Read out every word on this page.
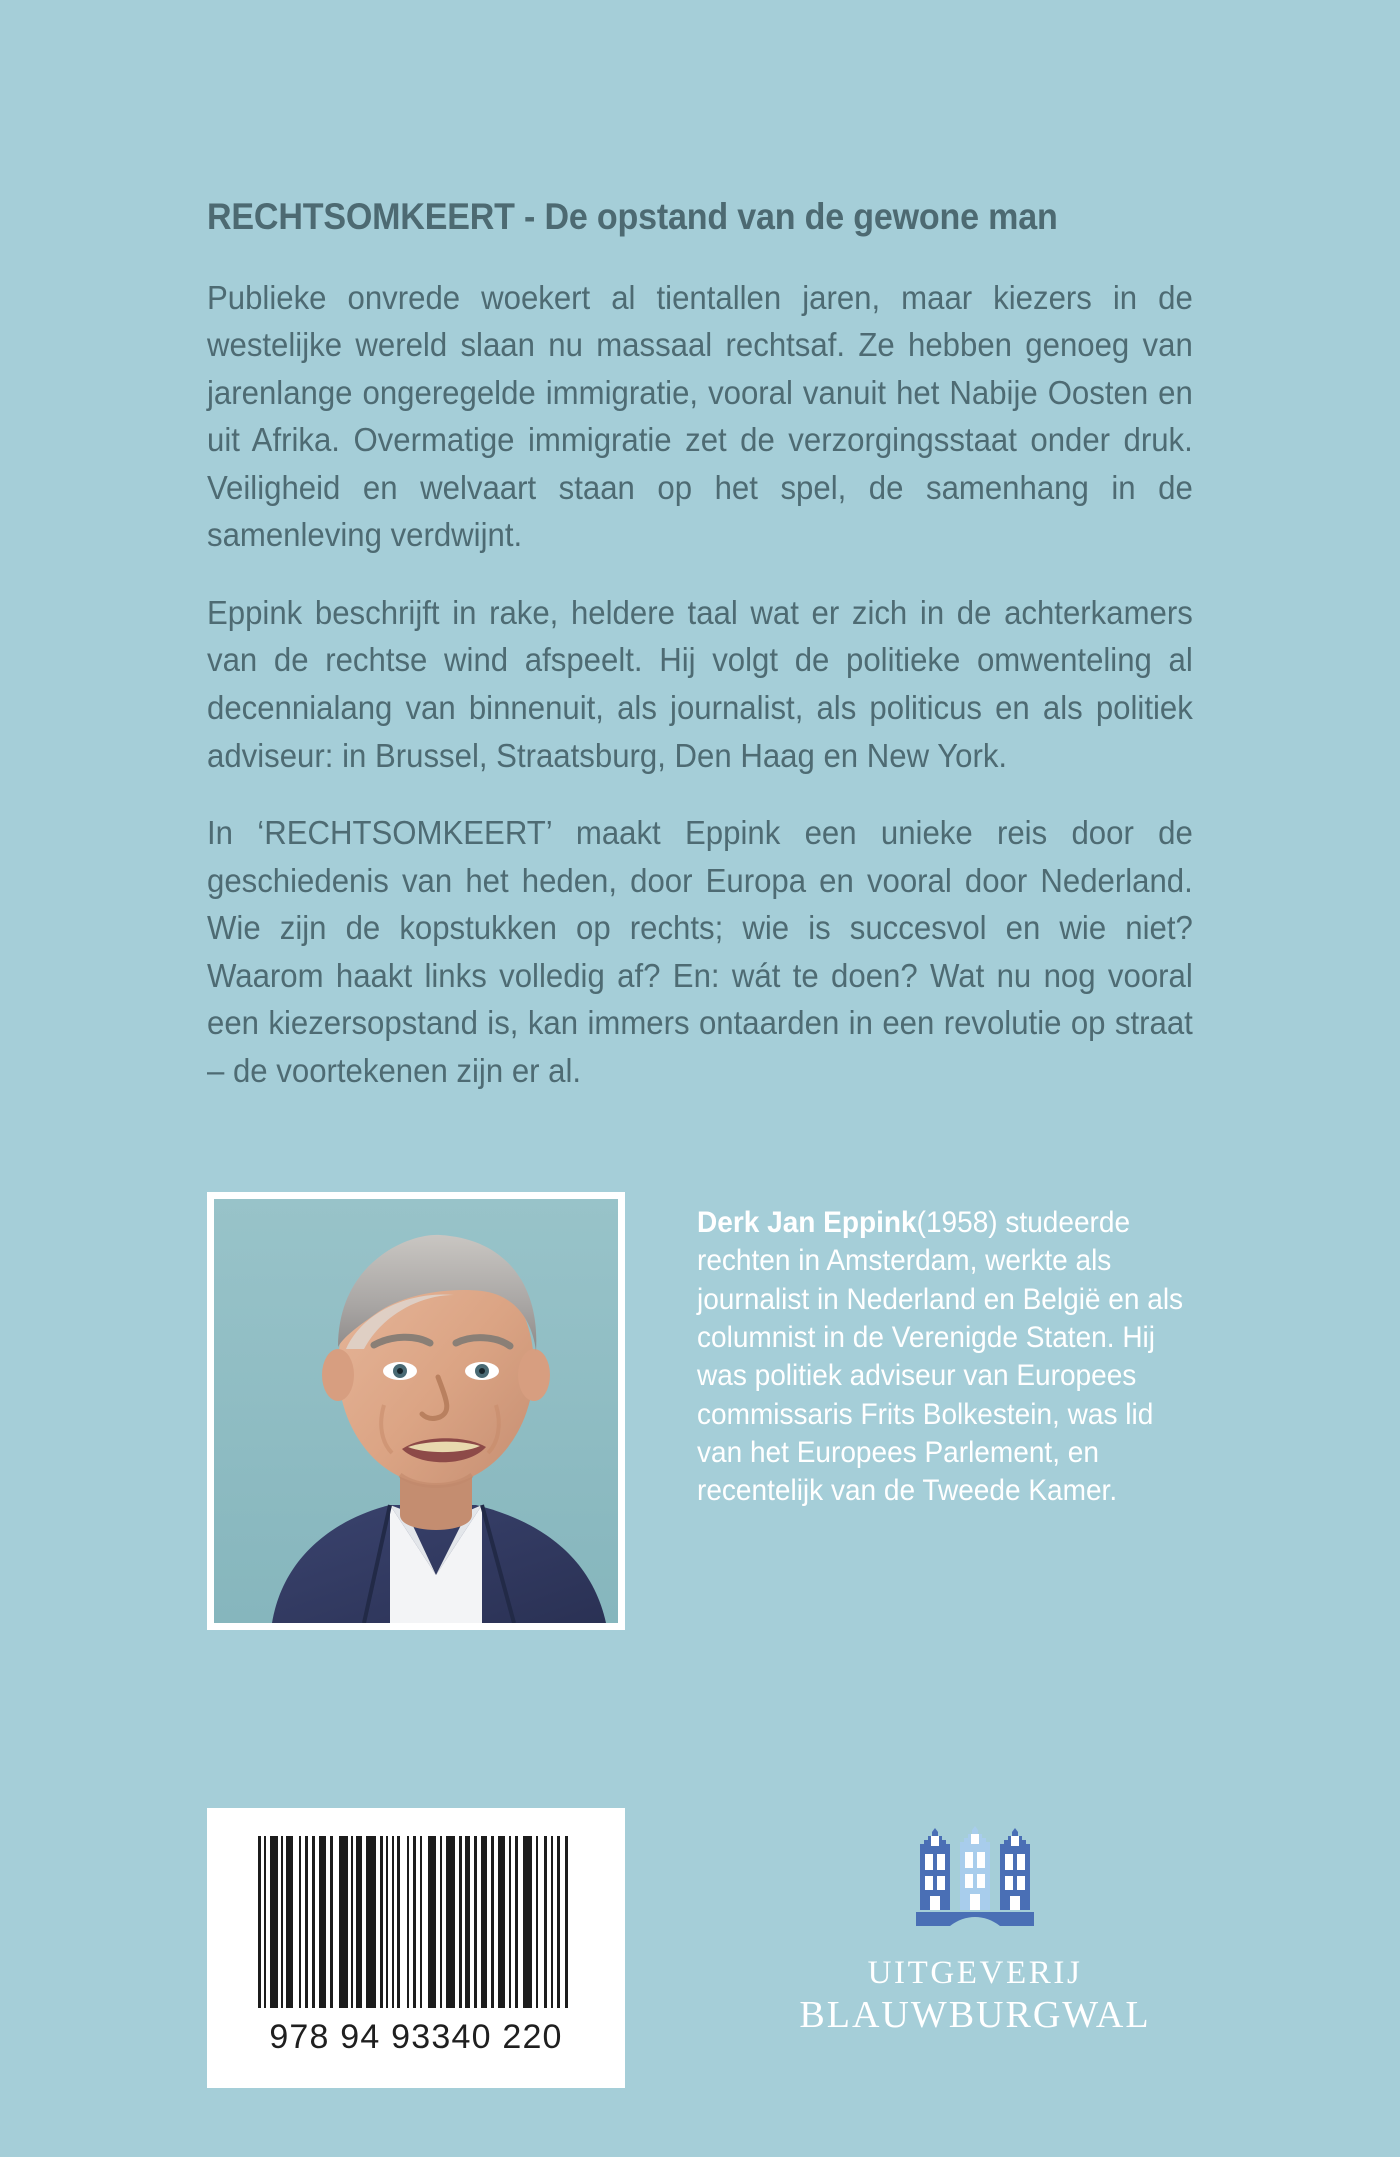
RECHTSOMKEERT - De opstand van de gewone man

Publieke onvrede woekert al tientallen jaren, maar kiezers in de westelijke wereld slaan nu massaal rechtsaf. Ze hebben genoeg van jarenlange ongeregelde immigratie, vooral vanuit het Nabije Oosten en uit Afrika. Overmatige immigratie zet de verzorgingsstaat onder druk. Veiligheid en welvaart staan op het spel, de samenhang in de samenleving verdwijnt.

Eppink beschrijft in rake, heldere taal wat er zich in de achterkamers van de rechtse wind afspeelt. Hij volgt de politieke omwenteling al decennialang van binnenuit, als journalist, als politicus en als politiek adviseur: in Brussel, Straatsburg, Den Haag en New York.

In ‘RECHTSOMKEERT’ maakt Eppink een unieke reis door de geschiedenis van het heden, door Europa en vooral door Nederland. Wie zijn de kopstukken op rechts; wie is succesvol en wie niet? Waarom haakt links volledig af? En: wát te doen? Wat nu nog vooral een kiezersopstand is, kan immers ontaarden in een revolutie op straat – de voortekenen zijn er al.

Derk Jan Eppink(1958) studeerde rechten in Amsterdam, werkte als journalist in Nederland en België en als columnist in de Verenigde Staten. Hij was politiek adviseur van Europees commissaris Frits Bolkestein, was lid van het Europees Parlement, en recentelijk van de Tweede Kamer.
978 94 93340 220
UITGEVERIJ
BLAUWBURGWAL
